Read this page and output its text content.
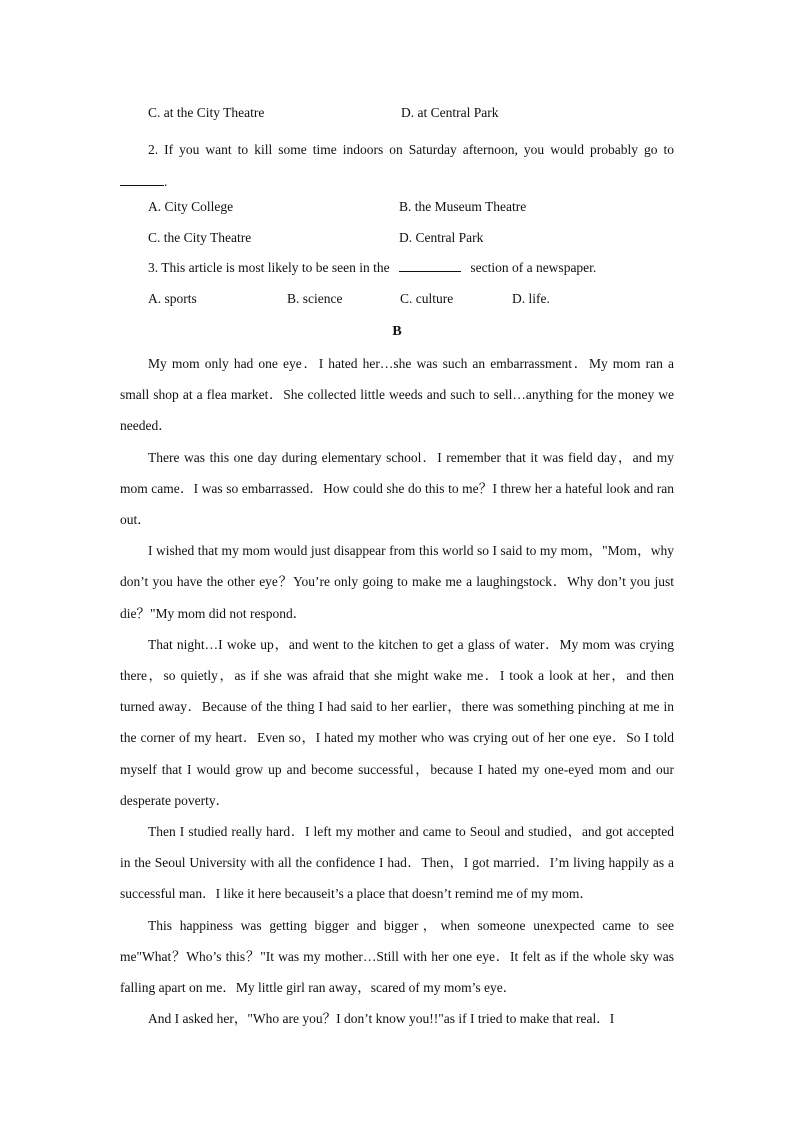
C. at the City Theatre	D. at Central Park
2. If you want to kill some time indoors on Saturday afternoon, you would probably go to.
A. City College	B. the Museum Theatre
C. the City Theatre	D. Central Park
3. This article is most likely to be seen in the	section of a newspaper.
A. sports	B. science	C. culture	D. life.
B

My mom only had one eye．I hated her…she was such an embarrassment．My mom ran a small shop at a flea market．She collected little weeds and such to sell…anything for the money we needed．

There was this one day during elementary school．I remember that it was field day，and my mom came．I was so embarrassed．How could she do this to me？I threw her a hateful look and ran out．

I wished that my mom would just disappear from this world so I said to my mom，"Mom，why don’t you have the other eye？You’re only going to make me a laughingstock．Why don’t you just die？"My mom did not respond．

That night…I woke up，and went to the kitchen to get a glass of water．My mom was crying there，so quietly，as if she was afraid that she might wake me．I took a look at her，and then turned away．Because of the thing I had said to her earlier，there was something pinching at me in the corner of my heart．Even so，I hated my mother who was crying out of her one eye．So I told myself that I would grow up and become successful，because I hated my one-eyed mom and our desperate poverty．

Then I studied really hard．I left my mother and came to Seoul and studied，and got accepted in the Seoul University with all the confidence I had．Then，I got married．I’m living happily as a successful man．I like it here becauseit’s a place that doesn’t remind me of my mom．

This happiness was getting bigger and bigger，when someone unexpected came to see me"What？Who’s this？"It was my mother…Still with her one eye．It felt as if the whole sky was falling apart on me．My little girl ran away，scared of my mom’s eye．

And I asked her，"Who are you？I don’t know you!!"as if I tried to make that real．I
